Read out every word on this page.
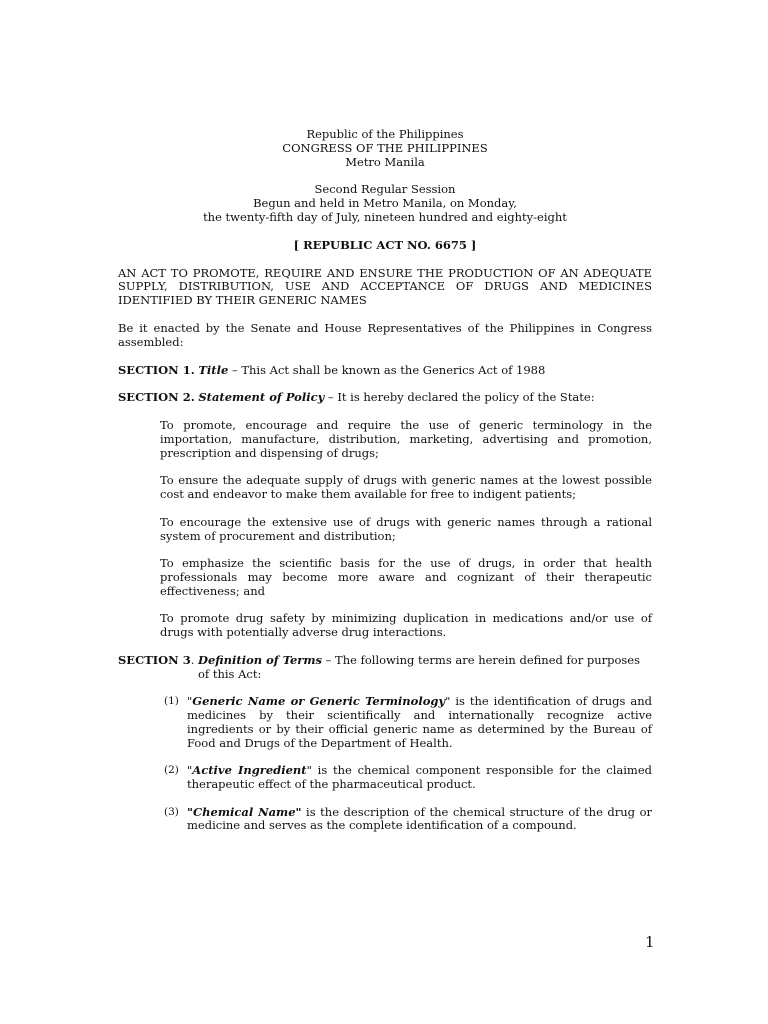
Republic of the Philippines

CONGRESS OF THE PHILIPPINES

Metro Manila

Second Regular Session

Begun and held in Metro Manila, on Monday,

the twenty-fifth day of July, nineteen hundred and eighty-eight

[ REPUBLIC ACT NO. 6675 ]

AN ACT TO PROMOTE, REQUIRE AND ENSURE THE PRODUCTION OF AN ADEQUATE SUPPLY, DISTRIBUTION, USE AND ACCEPTANCE OF DRUGS AND MEDICINES IDENTIFIED BY THEIR GENERIC NAMES

Be it enacted by the Senate and House Representatives of the Philippines in Congress assembled:

SECTION 1. Title – This Act shall be known as the Generics Act of 1988

SECTION 2. Statement of Policy – It is hereby declared the policy of the State:

To promote, encourage and require the use of generic terminology in the importation, manufacture, distribution, marketing, advertising and promotion, prescription and dispensing of drugs;

To ensure the adequate supply of drugs with generic names at the lowest possible cost and endeavor to make them available for free to indigent patients;

To encourage the extensive use of drugs with generic names through a rational system of procurement and distribution;

To emphasize the scientific basis for the use of drugs, in order that health professionals may become more aware and cognizant of their therapeutic effectiveness; and

To promote drug safety by minimizing duplication in medications and/or use of drugs with potentially adverse drug interactions.

SECTION 3. Definition of Terms – The following terms are herein defined for purposes of this Act:

(1) "Generic Name or Generic Terminology" is the identification of drugs and medicines by their scientifically and internationally recognize active ingredients or by their official generic name as determined by the Bureau of Food and Drugs of the Department of Health.
(2) "Active Ingredient" is the chemical component responsible for the claimed therapeutic effect of the pharmaceutical product.
(3) "Chemical Name" is the description of the chemical structure of the drug or medicine and serves as the complete identification of a compound.
1
